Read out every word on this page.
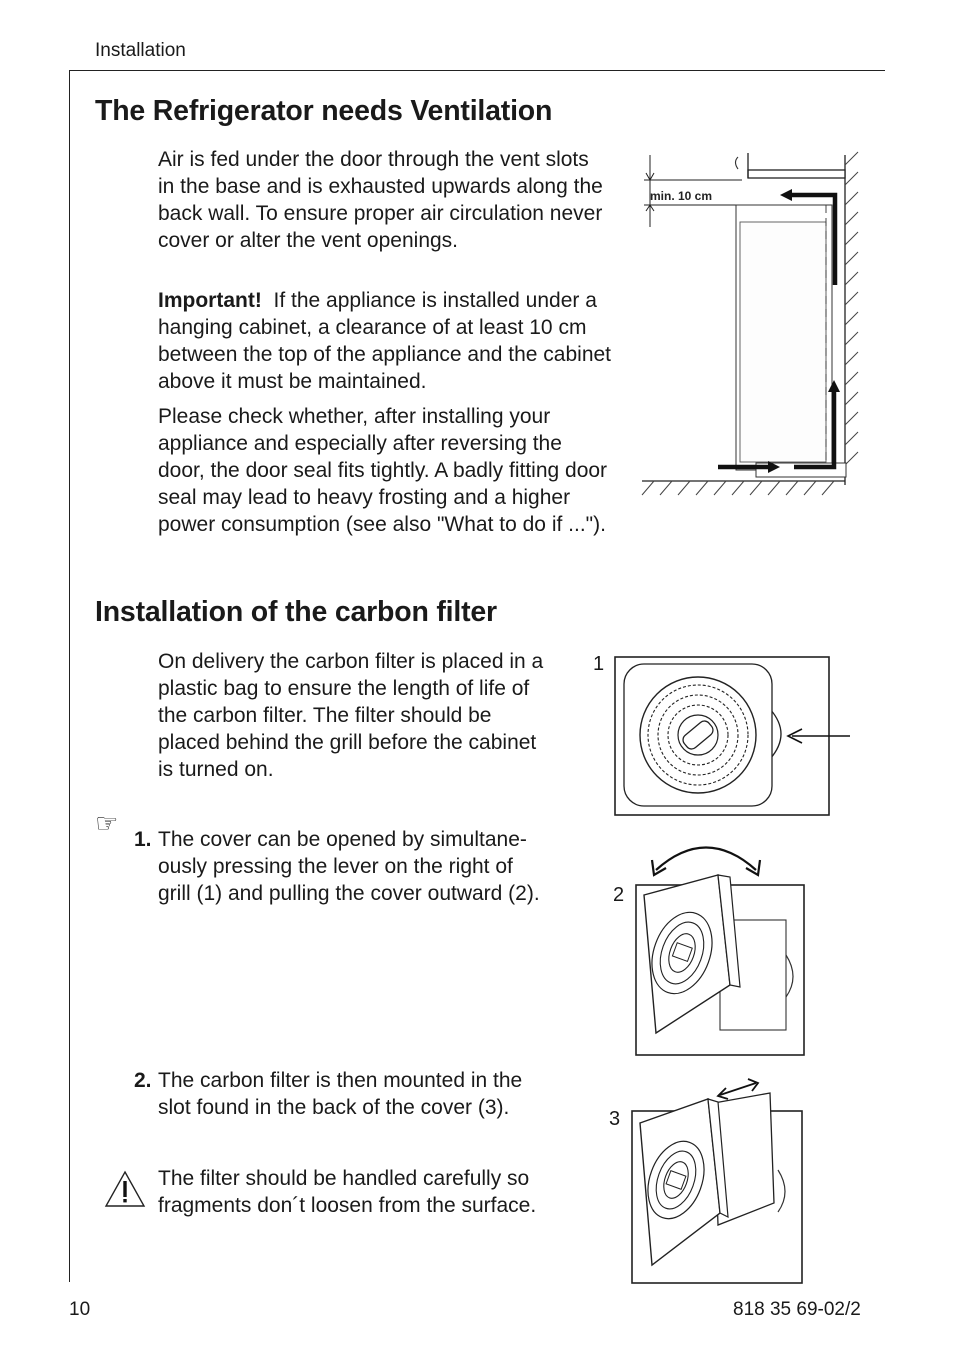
Installation
The Refrigerator needs Ventilation

Air is fed under the door through the vent slots in the base and is exhausted upwards along the back wall. To ensure proper air circulation never cover or alter the vent openings.

Important! If the appliance is installed under a hanging cabinet, a clearance of at least 10 cm between the top of the appliance and the cabinet above it must be maintained.

Please check whether, after installing your appliance and especially after reversing the door, the door seal fits tightly. A badly fitting door seal may lead to heavy frosting and a higher power consumption (see also "What to do if ...").

min. 10 cm
Installation of the carbon filter

On delivery the carbon filter is placed in a plastic bag to ensure the length of life of the carbon filter. The filter should be placed behind the grill before the cabinet is turned on.

☞
1. The cover can be opened by simultane-ously pressing the lever on the right of grill (1) and pulling the cover outward (2).

2. The carbon filter is then mounted in the slot found in the back of the cover (3).

The filter should be handled carefully so fragments don´t loosen from the surface.

1
2
3
10	818 35 69-02/2
